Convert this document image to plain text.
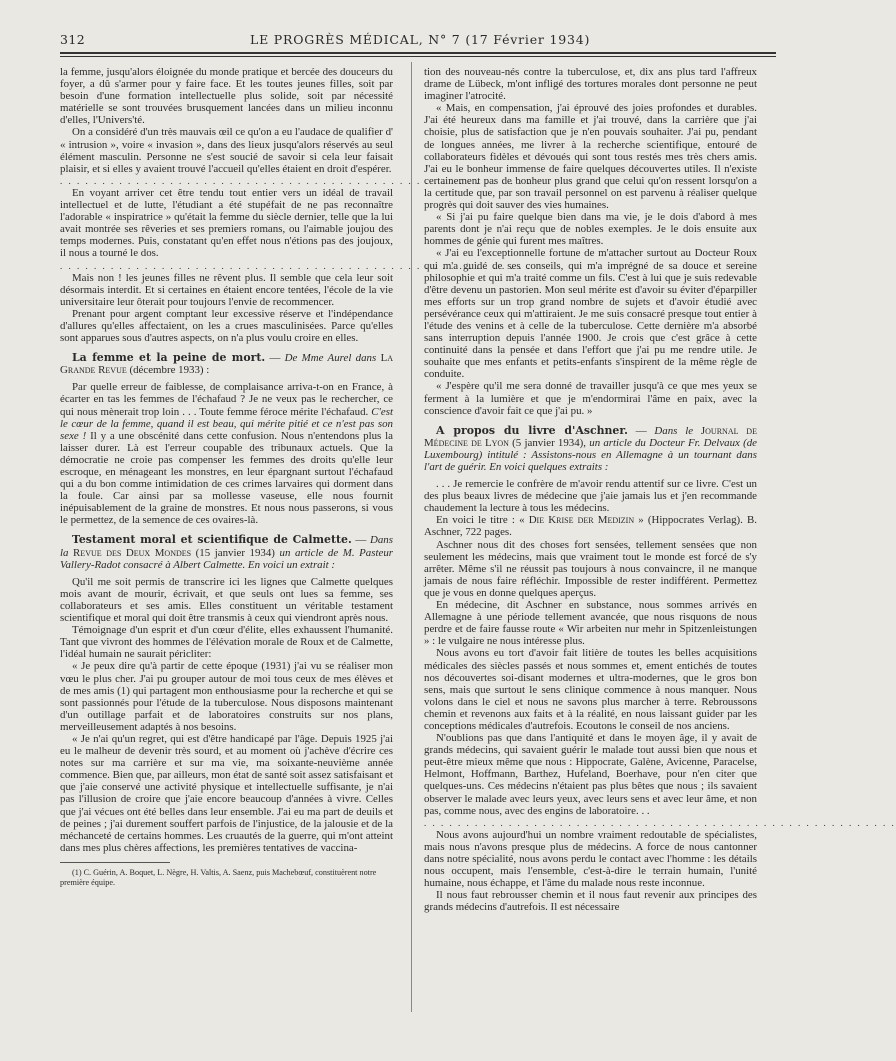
312	LE PROGRÈS MÉDICAL, N° 7 (17 Février 1934)

la femme, jusqu'alors éloignée du monde pratique et bercée des douceurs du foyer, a dû s'armer pour y faire face. Et les toutes jeunes filles, soit par besoin d'une formation intellectuelle plus solide, soit par nécessité matérielle se sont trouvées brusquement lancées dans un milieu inconnu d'elles, l'Univers'té.

On a considéré d'un très mauvais œil ce qu'on a eu l'audace de qualifier d' « intrusion », voire « invasion », dans des lieux jusqu'alors réservés au seul élément masculin. Personne ne s'est soucié de savoir si cela leur faisait plaisir, et si elles y avaient trouvé l'accueil qu'elles étaient en droit d'espérer.

. . . . . . . . . . . . . . . . . . . . . . . . . . . . . . . . . . . . . . . . . . . . . . . . . . . . . . . .

En voyant arriver cet être tendu tout entier vers un idéal de travail intellectuel et de lutte, l'étudiant a été stupéfait de ne pas reconnaître l'adorable « inspiratrice » qu'était la femme du siècle dernier, telle que la lui avait montrée ses rêveries et ses premiers romans, ou l'aimable joujou des temps modernes. Puis, constatant qu'en effet nous n'étions pas des joujoux, il nous a tourné le dos.

. . . . . . . . . . . . . . . . . . . . . . . . . . . . . . . . . . . . . . . . . . . . . . . . . . . . . . . .

Mais non ! les jeunes filles ne rêvent plus. Il semble que cela leur soit désormais interdit. Et si certaines en étaient encore tentées, l'école de la vie universitaire leur ôterait pour toujours l'envie de recommencer.

Prenant pour argent comptant leur excessive réserve et l'indépendance d'allures qu'elles affectaient, on les a crues masculinisées. Parce qu'elles sont apparues sous d'autres aspects, on n'a plus voulu croire en elles.

La femme et la peine de mort. — De Mme Aurel dans La Grande Revue (décembre 1933) :

Par quelle erreur de faiblesse, de complaisance arriva-t-on en France, à écarter en tas les femmes de l'échafaud ? Je ne veux pas le rechercher, ce qui nous mènerait trop loin . . . Toute femme féroce mérite l'échafaud. C'est le cœur de la femme, quand il est beau, qui mérite pitié et ce n'est pas son sexe ! Il y a une obscénité dans cette confusion. Nous n'entendons plus la laisser durer. Là est l'erreur coupable des tribunaux actuels. Que la démocratie ne croie pas compenser les femmes des droits qu'elle leur escroque, en ménageant les monstres, en leur épargnant surtout l'échafaud qui a du bon comme intimidation de ces crimes larvaires qui dorment dans la foule. Car ainsi par sa mollesse vaseuse, elle nous fournit inépuisablement de la graine de monstres. Et nous nous passerons, si vous le permettez, de la semence de ces ovaires-là.

Testament moral et scientifique de Calmette. — Dans la Revue des Deux Mondes (15 janvier 1934) un article de M. Pasteur Vallery-Radot consacré à Albert Calmette. En voici un extrait :

Qu'il me soit permis de transcrire ici les lignes que Calmette quelques mois avant de mourir, écrivait, et que seuls ont lues sa femme, ses collaborateurs et ses amis. Elles constituent un véritable testament scientifique et moral qui doit être transmis à ceux qui viendront après nous.

Témoignage d'un esprit et d'un cœur d'élite, elles exhaussent l'humanité. Tant que vivront des hommes de l'élévation morale de Roux et de Calmette, l'idéal humain ne saurait péricliter:

« Je peux dire qu'à partir de cette époque (1931) j'ai vu se réaliser mon vœu le plus cher. J'ai pu grouper autour de moi tous ceux de mes élèves et de mes amis (1) qui partagent mon enthousiasme pour la recherche et qui se sont passionnés pour l'étude de la tuberculose. Nous disposons maintenant d'un outillage parfait et de laboratoires construits sur nos plans, merveilleusement adaptés à nos besoins.

« Je n'ai qu'un regret, qui est d'être handicapé par l'âge. Depuis 1925 j'ai eu le malheur de devenir très sourd, et au moment où j'achève d'écrire ces notes sur ma carrière et sur ma vie, ma soixante-neuvième année commence. Bien que, par ailleurs, mon état de santé soit assez satisfaisant et que j'aie conservé une activité physique et intellectuelle suffisante, je n'ai pas l'illusion de croire que j'aie encore beaucoup d'années à vivre. Celles que j'ai vécues ont été belles dans leur ensemble. J'ai eu ma part de deuils et de peines ; j'ai durement souffert parfois de l'injustice, de la jalousie et de la méchanceté de certains hommes. Les cruautés de la guerre, qui m'ont atteint dans mes plus chères affections, les premières tentatives de vaccina-

(1) C. Guérin, A. Boquet, L. Nègre, H. Valtis, A. Saenz, puis Machebœuf, constituèrent notre première équipe.

tion des nouveau-nés contre la tuberculose, et, dix ans plus tard l'affreux drame de Lübeck, m'ont infligé des tortures morales dont personne ne peut imaginer l'atrocité.

« Mais, en compensation, j'ai éprouvé des joies profondes et durables. J'ai été heureux dans ma famille et j'ai trouvé, dans la carrière que j'ai choisie, plus de satisfaction que je n'en pouvais souhaiter. J'ai pu, pendant de longues années, me livrer à la recherche scientifique, entouré de collaborateurs fidèles et dévoués qui sont tous restés mes très chers amis. J'ai eu le bonheur immense de faire quelques découvertes utiles. Il n'existe certainement pas de bonheur plus grand que celui qu'on ressent lorsqu'on a la certitude que, par son travail personnel on est parvenu à réaliser quelque progrès qui doit sauver des vies humaines.

« Si j'ai pu faire quelque bien dans ma vie, je le dois d'abord à mes parents dont je n'ai reçu que de nobles exemples. Je le dois ensuite aux hommes de génie qui furent mes maîtres.

« J'ai eu l'exceptionnelle fortune de m'attacher surtout au Docteur Roux qui m'a guidé de ses conseils, qui m'a imprégné de sa douce et sereine philosophie et qui m'a traité comme un fils. C'est à lui que je suis redevable d'être devenu un pastorien. Mon seul mérite est d'avoir su éviter d'éparpiller mes efforts sur un trop grand nombre de sujets et d'avoir étudié avec persévérance ceux qui m'attiraient. Je me suis consacré presque tout entier à l'étude des venins et à celle de la tuberculose. Cette dernière m'a absorbé sans interruption depuis l'année 1900. Je crois que c'est grâce à cette continuité dans la pensée et dans l'effort que j'ai pu me rendre utile. Je souhaite que mes enfants et petits-enfants s'inspirent de la même règle de conduite.

« J'espère qu'il me sera donné de travailler jusqu'à ce que mes yeux se ferment à la lumière et que je m'endormirai l'âme en paix, avec la conscience d'avoir fait ce que j'ai pu. »

A propos du livre d'Aschner. — Dans le Journal de Médecine de Lyon (5 janvier 1934), un article du Docteur Fr. Delvaux (de Luxembourg) intitulé : Assistons-nous en Allemagne à un tournant dans l'art de guérir. En voici quelques extraits :

. . . Je remercie le confrère de m'avoir rendu attentif sur ce livre. C'est un des plus beaux livres de médecine que j'aie jamais lus et j'en recommande chaudement la lecture à tous les médecins.

En voici le titre : « Die Krise der Medizin » (Hippocrates Verlag). B. Aschner, 722 pages.

Aschner nous dit des choses fort sensées, tellement sensées que non seulement les médecins, mais que vraiment tout le monde est forcé de s'y arrêter. Même s'il ne réussit pas toujours à nous convaincre, il ne manque jamais de nous faire réfléchir. Impossible de rester indifférent. Permettez que je vous en donne quelques aperçus.

En médecine, dit Aschner en substance, nous sommes arrivés en Allemagne à une période tellement avancée, que nous risquons de nous perdre et de faire fausse route « Wir arbeiten nur mehr in Spitzenleistungen » : le vulgaire ne nous intéresse plus.

Nous avons eu tort d'avoir fait litière de toutes les belles acquisitions médicales des siècles passés et nous sommes et, ement entichés de toutes nos découvertes soi-disant modernes et ultra-modernes, que le gros bon sens, mais que surtout le sens clinique commence à nous manquer. Nous volons dans le ciel et nous ne savons plus marcher à terre. Rebroussons chemin et revenons aux faits et à la réalité, en nous laissant guider par les conceptions médicales d'autrefois. Ecoutons le conseil de nos anciens.

N'oublions pas que dans l'antiquité et dans le moyen âge, il y avait de grands médecins, qui savaient guérir le malade tout aussi bien que nous et peut-être mieux même que nous : Hippocrate, Galène, Avicenne, Paracelse, Helmont, Hoffmann, Barthez, Hufeland, Boerhave, pour n'en citer que quelques-uns. Ces médecins n'étaient pas plus bêtes que nous ; ils savaient observer le malade avec leurs yeux, avec leurs sens et avec leur âme, et non pas, comme nous, avec des engins de laboratoire. . .

. . . . . . . . . . . . . . . . . . . . . . . . . . . . . . . . . . . . . . . . . . . . . . . . . . . . . . . .

Nous avons aujourd'hui un nombre vraiment redoutable de spécialistes, mais nous n'avons presque plus de médecins. A force de nous cantonner dans notre spécialité, nous avons perdu le contact avec l'homme : les détails nous occupent, mais l'ensemble, c'est-à-dire le terrain humain, l'unité humaine, nous échappe, et l'âme du malade nous reste inconnue.

Il nous faut rebrousser chemin et il nous faut revenir aux principes des grands médecins d'autrefois. Il est nécessaire
